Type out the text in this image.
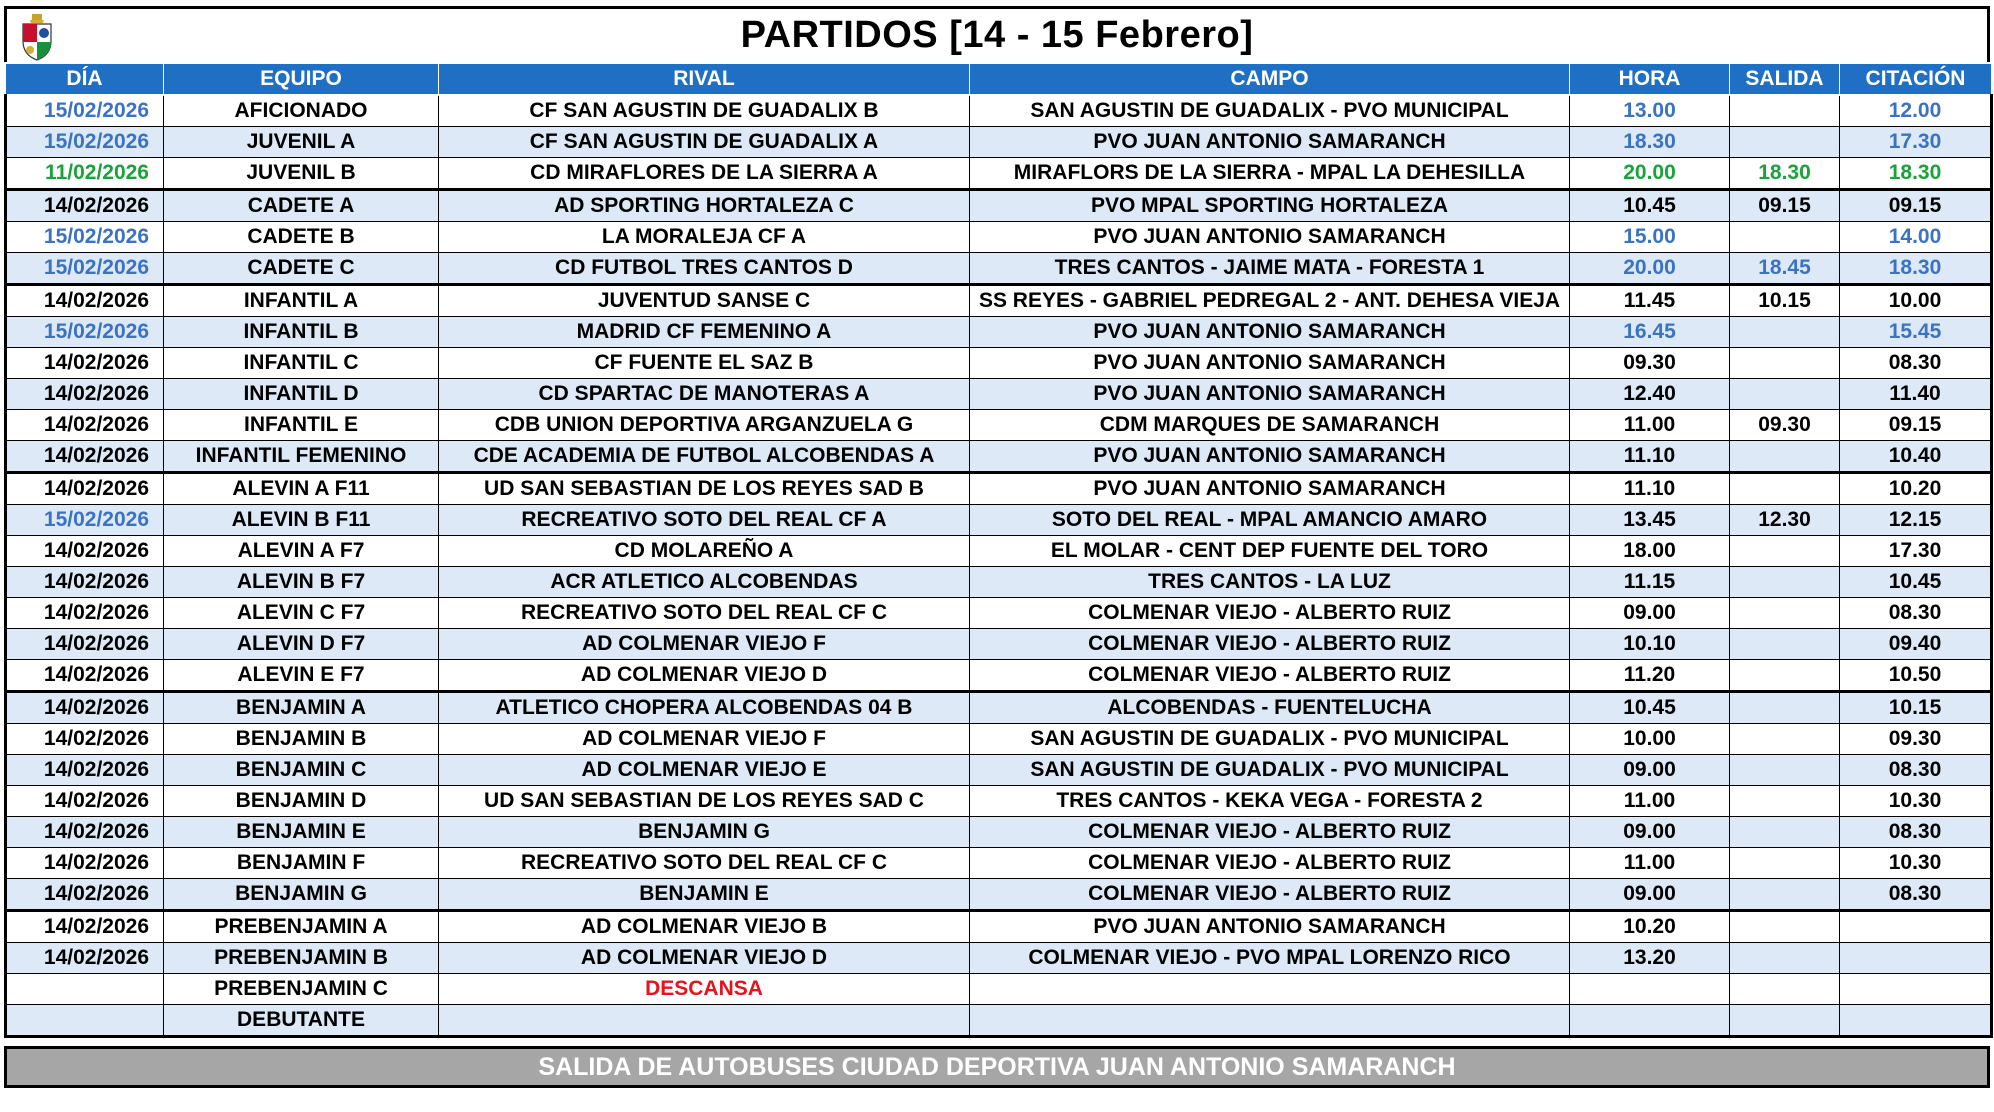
PARTIDOS [14 - 15 Febrero]
DÍA	EQUIPO	RIVAL	CAMPO	HORA	SALIDA	CITACIÓN
15/02/2026	AFICIONADO	CF SAN AGUSTIN DE GUADALIX B	SAN AGUSTIN DE GUADALIX - PVO MUNICIPAL	13.00		12.00
15/02/2026	JUVENIL A	CF SAN AGUSTIN DE GUADALIX A	PVO JUAN ANTONIO SAMARANCH	18.30		17.30
11/02/2026	JUVENIL B	CD MIRAFLORES DE LA SIERRA A	MIRAFLORS DE LA SIERRA - MPAL LA DEHESILLA	20.00	18.30	18.30
14/02/2026	CADETE A	AD SPORTING HORTALEZA C	PVO MPAL SPORTING HORTALEZA	10.45	09.15	09.15
15/02/2026	CADETE B	LA MORALEJA CF A	PVO JUAN ANTONIO SAMARANCH	15.00		14.00
15/02/2026	CADETE C	CD FUTBOL TRES CANTOS D	TRES CANTOS - JAIME MATA - FORESTA 1	20.00	18.45	18.30
14/02/2026	INFANTIL A	JUVENTUD SANSE C	SS REYES - GABRIEL PEDREGAL 2 - ANT. DEHESA VIEJA	11.45	10.15	10.00
15/02/2026	INFANTIL B	MADRID CF FEMENINO A	PVO JUAN ANTONIO SAMARANCH	16.45		15.45
14/02/2026	INFANTIL C	CF FUENTE EL SAZ B	PVO JUAN ANTONIO SAMARANCH	09.30		08.30
14/02/2026	INFANTIL D	CD SPARTAC DE MANOTERAS A	PVO JUAN ANTONIO SAMARANCH	12.40		11.40
14/02/2026	INFANTIL E	CDB UNION DEPORTIVA ARGANZUELA G	CDM MARQUES DE SAMARANCH	11.00	09.30	09.15
14/02/2026	INFANTIL FEMENINO	CDE ACADEMIA DE FUTBOL ALCOBENDAS A	PVO JUAN ANTONIO SAMARANCH	11.10		10.40
14/02/2026	ALEVIN A F11	UD SAN SEBASTIAN DE LOS REYES SAD B	PVO JUAN ANTONIO SAMARANCH	11.10		10.20
15/02/2026	ALEVIN B F11	RECREATIVO SOTO DEL REAL CF A	SOTO DEL REAL - MPAL AMANCIO AMARO	13.45	12.30	12.15
14/02/2026	ALEVIN A F7	CD MOLAREÑO A	EL MOLAR - CENT DEP FUENTE DEL TORO	18.00		17.30
14/02/2026	ALEVIN B F7	ACR ATLETICO ALCOBENDAS	TRES CANTOS - LA LUZ	11.15		10.45
14/02/2026	ALEVIN C F7	RECREATIVO SOTO DEL REAL CF C	COLMENAR VIEJO - ALBERTO RUIZ	09.00		08.30
14/02/2026	ALEVIN D F7	AD COLMENAR VIEJO F	COLMENAR VIEJO - ALBERTO RUIZ	10.10		09.40
14/02/2026	ALEVIN E F7	AD COLMENAR VIEJO D	COLMENAR VIEJO - ALBERTO RUIZ	11.20		10.50
14/02/2026	BENJAMIN A	ATLETICO CHOPERA ALCOBENDAS 04 B	ALCOBENDAS - FUENTELUCHA	10.45		10.15
14/02/2026	BENJAMIN B	AD COLMENAR VIEJO F	SAN AGUSTIN DE GUADALIX - PVO MUNICIPAL	10.00		09.30
14/02/2026	BENJAMIN C	AD COLMENAR VIEJO E	SAN AGUSTIN DE GUADALIX - PVO MUNICIPAL	09.00		08.30
14/02/2026	BENJAMIN D	UD SAN SEBASTIAN DE LOS REYES SAD C	TRES CANTOS - KEKA VEGA - FORESTA 2	11.00		10.30
14/02/2026	BENJAMIN E	BENJAMIN G	COLMENAR VIEJO - ALBERTO RUIZ	09.00		08.30
14/02/2026	BENJAMIN F	RECREATIVO SOTO DEL REAL CF C	COLMENAR VIEJO - ALBERTO RUIZ	11.00		10.30
14/02/2026	BENJAMIN G	BENJAMIN E	COLMENAR VIEJO - ALBERTO RUIZ	09.00		08.30
14/02/2026	PREBENJAMIN A	AD COLMENAR VIEJO B	PVO JUAN ANTONIO SAMARANCH	10.20		
14/02/2026	PREBENJAMIN B	AD COLMENAR VIEJO D	COLMENAR VIEJO - PVO MPAL LORENZO RICO	13.20		
	PREBENJAMIN C	DESCANSA				
	DEBUTANTE					
SALIDA DE AUTOBUSES CIUDAD DEPORTIVA JUAN ANTONIO SAMARANCH
